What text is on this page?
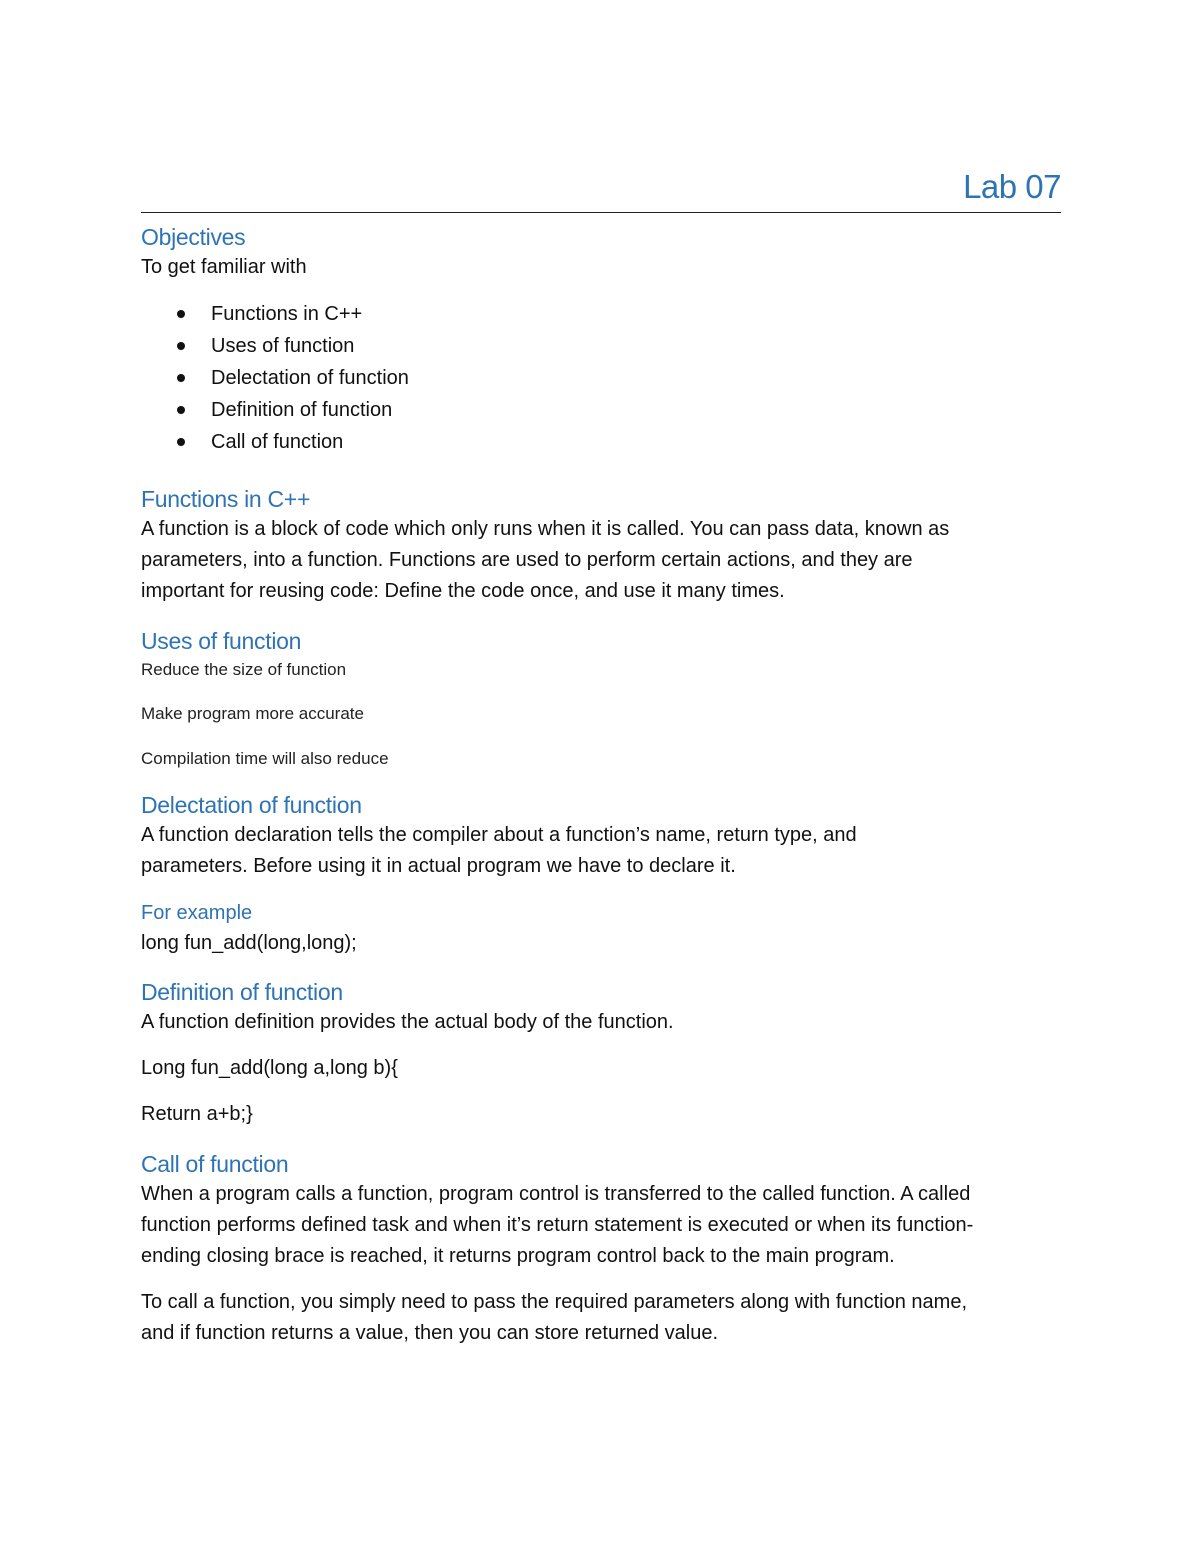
Lab 07
Objectives

To get familiar with

Functions in C++
Uses of function
Delectation of function
Definition of function
Call of function
Functions in C++

A function is a block of code which only runs when it is called. You can pass data, known as

parameters, into a function. Functions are used to perform certain actions, and they are

important for reusing code: Define the code once, and use it many times.

Uses of function

Reduce the size of function

Make program more accurate

Compilation time will also reduce

Delectation of function

A function declaration tells the compiler about a function’s name, return type, and

parameters. Before using it in actual program we have to declare it.

For example

long fun_add(long,long);

Definition of function

A function definition provides the actual body of the function.

Long fun_add(long a,long b){

Return a+b;}

Call of function

When a program calls a function, program control is transferred to the called function. A called

function performs defined task and when it’s return statement is executed or when its function-

ending closing brace is reached, it returns program control back to the main program.

To call a function, you simply need to pass the required parameters along with function name,

and if function returns a value, then you can store returned value.
